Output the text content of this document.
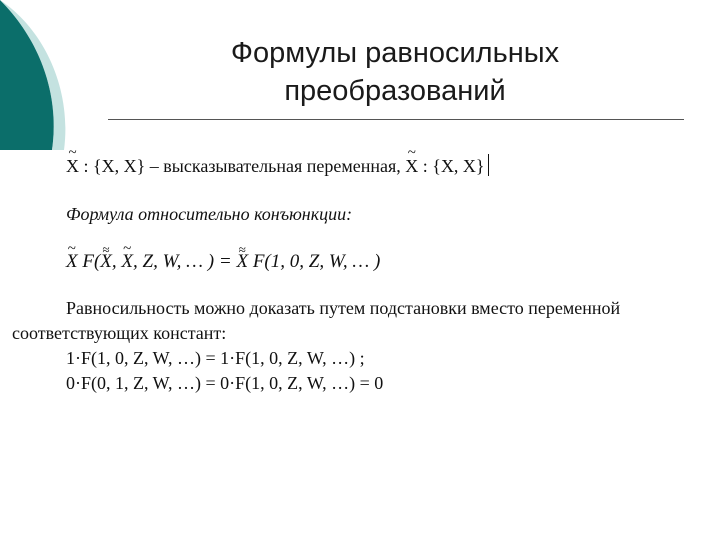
Формулы равносильных
преобразований
~ X : {X, X} – высказывательная переменная, ~ X : {X, X}
Формула относительно конъюнкции:
~ X F(≈ X, ~ X, Z, W, … ) = ≈ X F(1, 0, Z, W, … )
Равносильность можно доказать путем подстановки вместо переменной
соответствующих констант:
1·F(1, 0, Z, W, …) = 1·F(1, 0, Z, W, …) ;
0·F(0, 1, Z, W, …) = 0·F(1, 0, Z, W, …) = 0
